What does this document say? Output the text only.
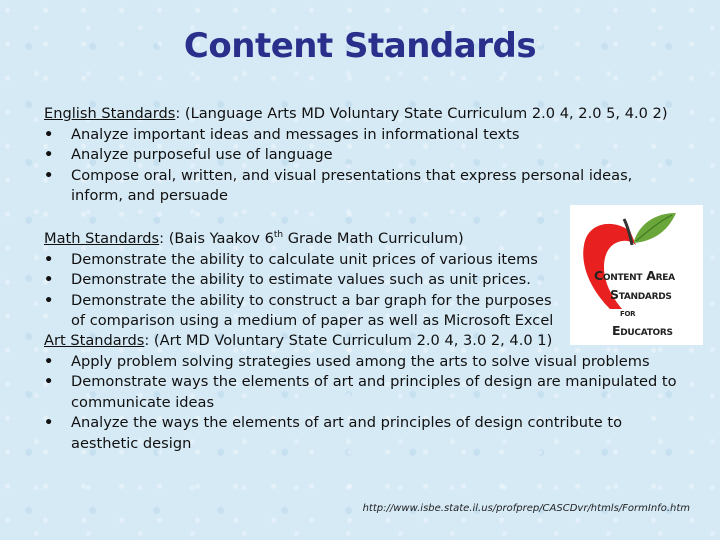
Content Standards
English Standards: (Language Arts MD Voluntary State Curriculum 2.0 4, 2.0 5, 4.0 2)
• Analyze important ideas and messages in informational texts
• Analyze purposeful use of language
• Compose oral, written, and visual presentations that express personal ideas, inform, and persuade
Math Standards: (Bais Yaakov 6th Grade Math Curriculum)
• Demonstrate the ability to calculate unit prices of various items
• Demonstrate the ability to estimate values such as unit prices.
• Demonstrate the ability to construct a bar graph for the purposes
of comparison using a medium of paper as well as Microsoft Excel
Content Area
Standards
for
Educators
Art Standards: (Art MD Voluntary State Curriculum 2.0 4, 3.0 2, 4.0 1)
• Apply problem solving strategies used among the arts to solve visual problems
• Demonstrate ways the elements of art and principles of design are manipulated to communicate ideas
• Analyze the ways the elements of art and principles of design contribute to aesthetic design
http://www.isbe.state.il.us/profprep/CASCDvr/htmls/FormInfo.htm
